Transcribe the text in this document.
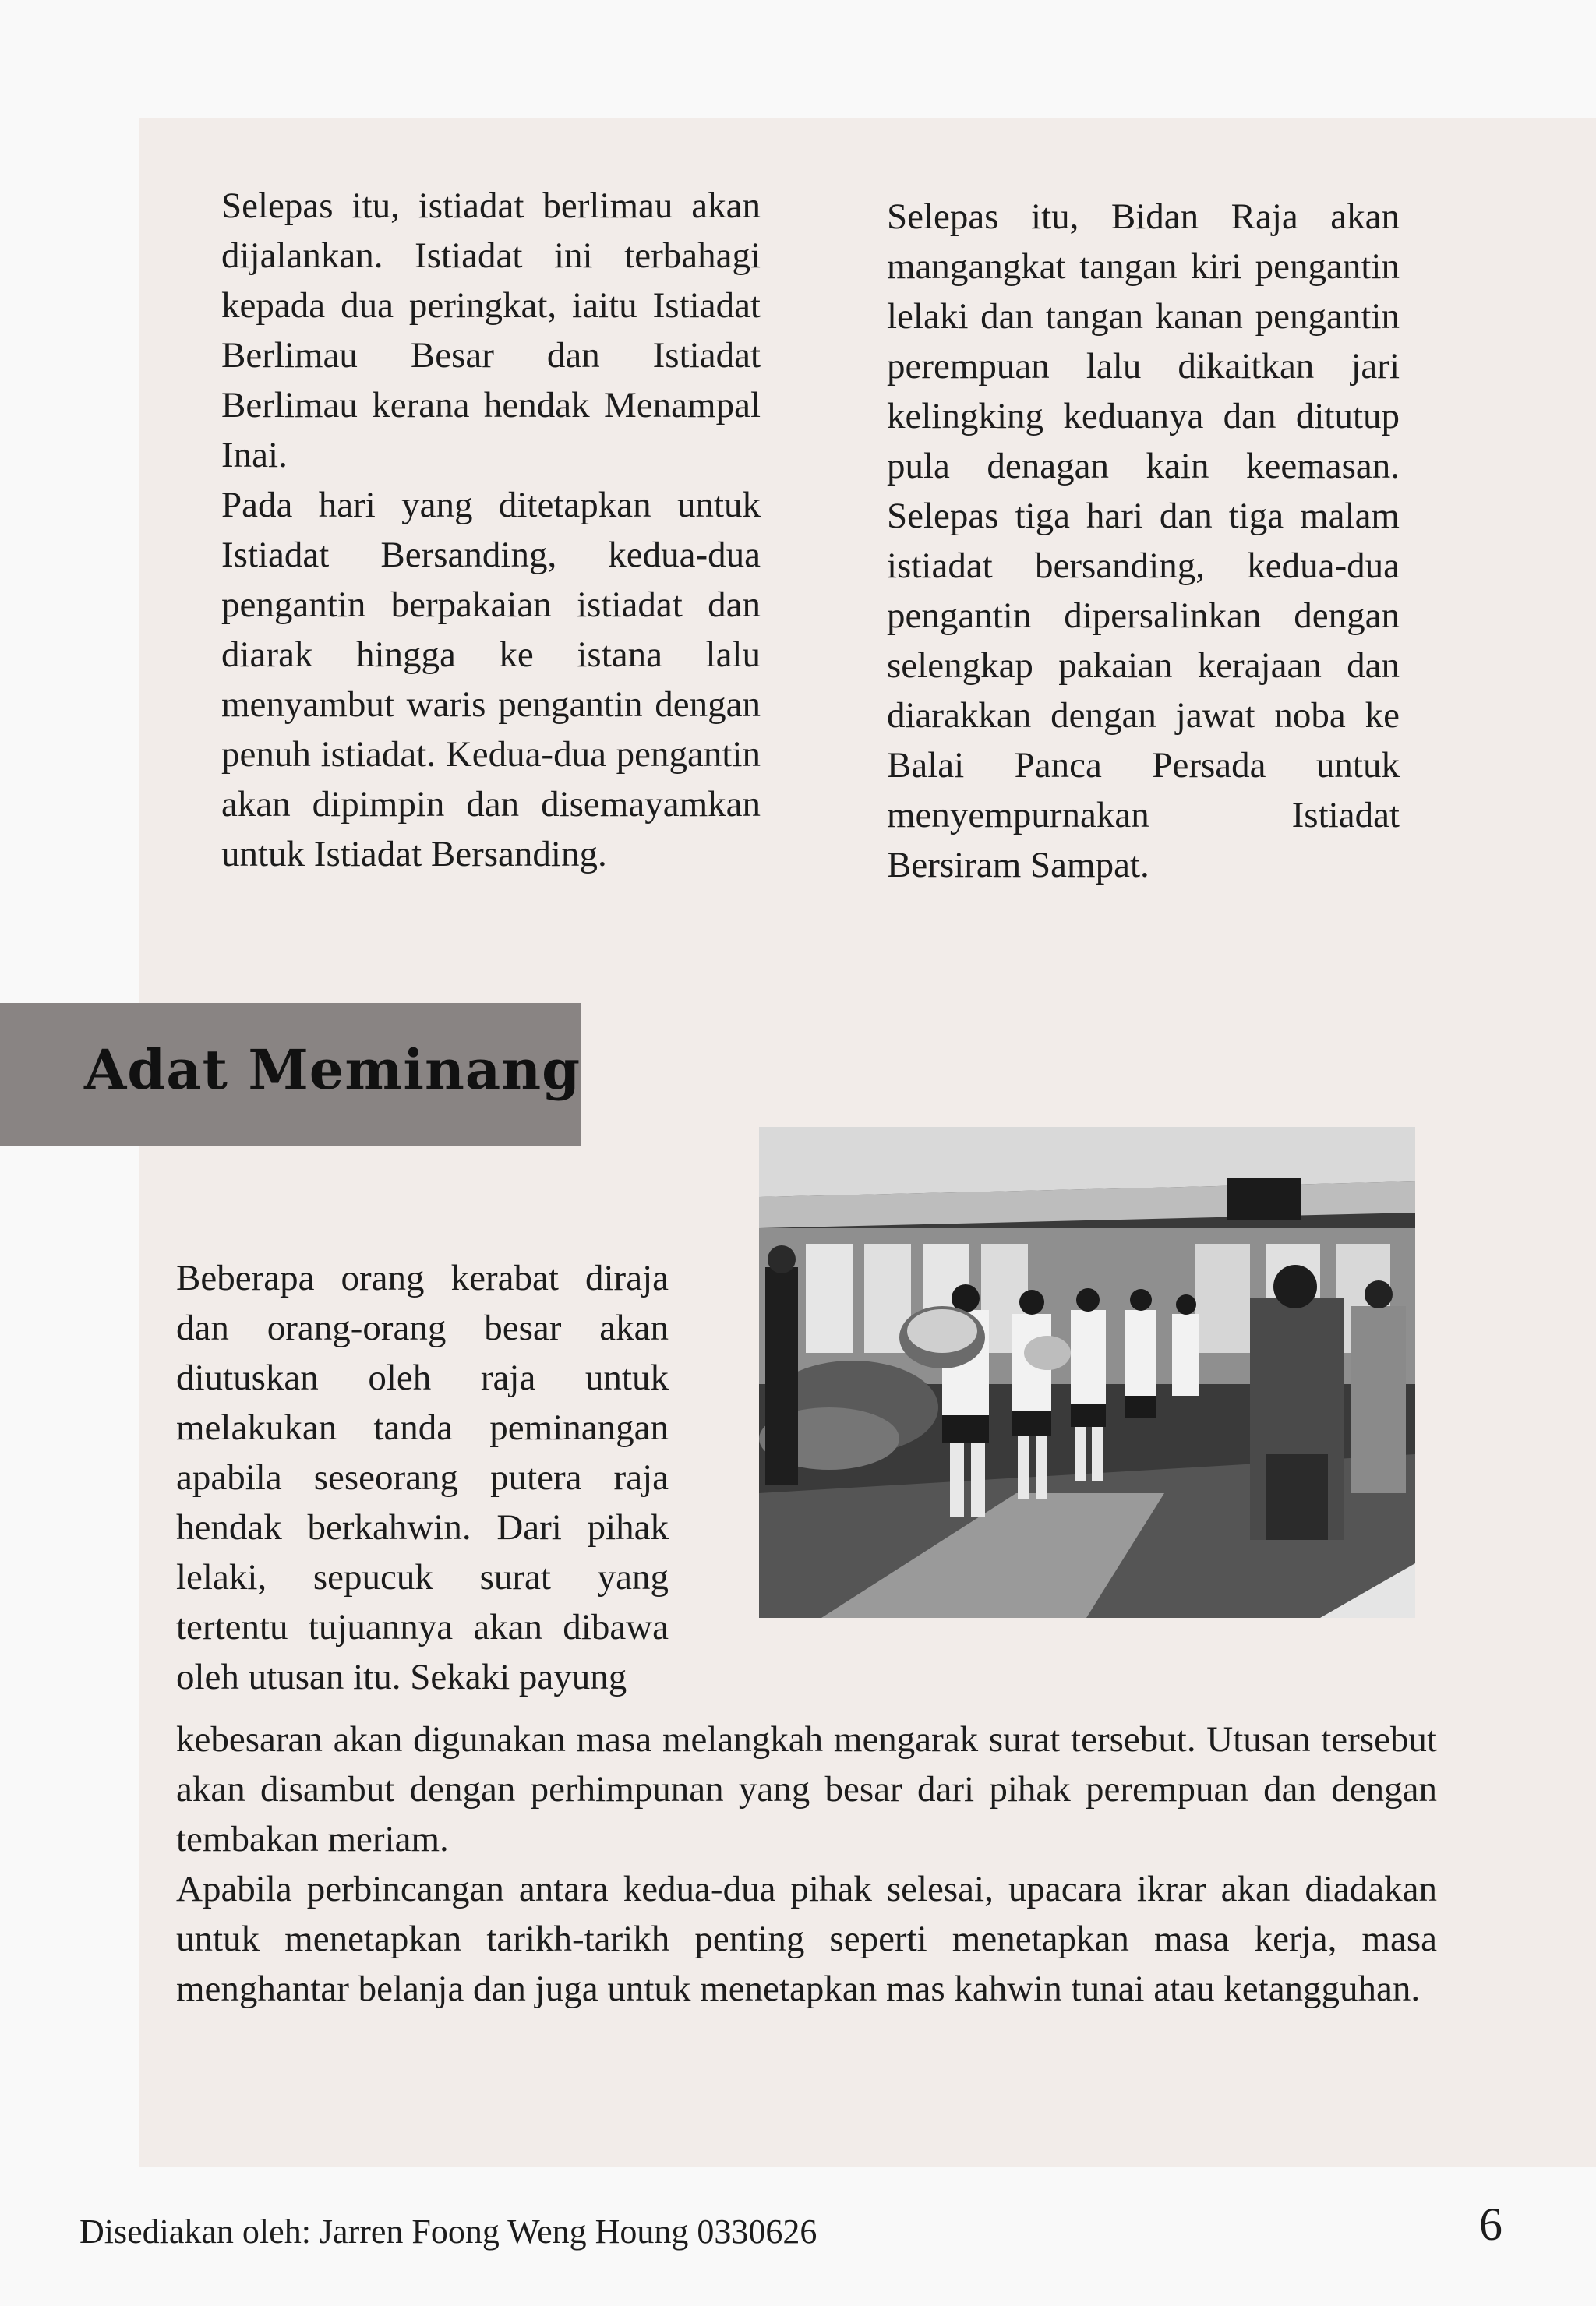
Selepas itu, istiadat berlimau akan dijalankan. Istiadat ini terbahagi kepada dua peringkat, iaitu Istiadat Berlimau Besar dan Istiadat Berlimau kerana hendak Menampal Inai.

Pada hari yang ditetapkan untuk Istiadat Bersanding, kedua-dua pengantin berpakaian istiadat dan diarak hingga ke istana lalu menyambut waris pengantin dengan penuh istiadat. Kedua-dua pengantin akan dipimpin dan disemayamkan untuk Istiadat Bersanding.

Selepas itu, Bidan Raja akan mangangkat tangan kiri pengantin lelaki dan tangan kanan pengantin perempuan lalu dikaitkan jari kelingking keduanya dan ditutup pula denagan kain keemasan. Selepas tiga hari dan tiga malam istiadat bersanding, kedua-dua pengantin dipersalinkan dengan selengkap pakaian kerajaan dan diarakkan dengan jawat noba ke Balai Panca Persada untuk menyempurnakan Istiadat Bersiram Sampat.

Adat Meminang

Beberapa orang kerabat diraja dan orang-orang besar akan diutuskan oleh raja untuk melakukan tanda peminangan apabila seseorang putera raja hendak berkahwin. Dari pihak lelaki, sepucuk surat yang tertentu tujuannya akan dibawa oleh utusan itu. Sekaki payung

kebesaran akan digunakan masa melangkah mengarak surat tersebut. Utusan tersebut akan disambut dengan perhimpunan yang besar dari pihak perempuan dan dengan tembakan meriam.

Apabila perbincangan antara kedua-dua pihak selesai, upacara ikrar akan diadakan untuk menetapkan tarikh-tarikh penting seperti menetapkan masa kerja, masa menghantar belanja dan juga untuk menetapkan mas kahwin tunai atau ketangguhan.

Disediakan oleh: Jarren Foong Weng Houng 0330626	6
